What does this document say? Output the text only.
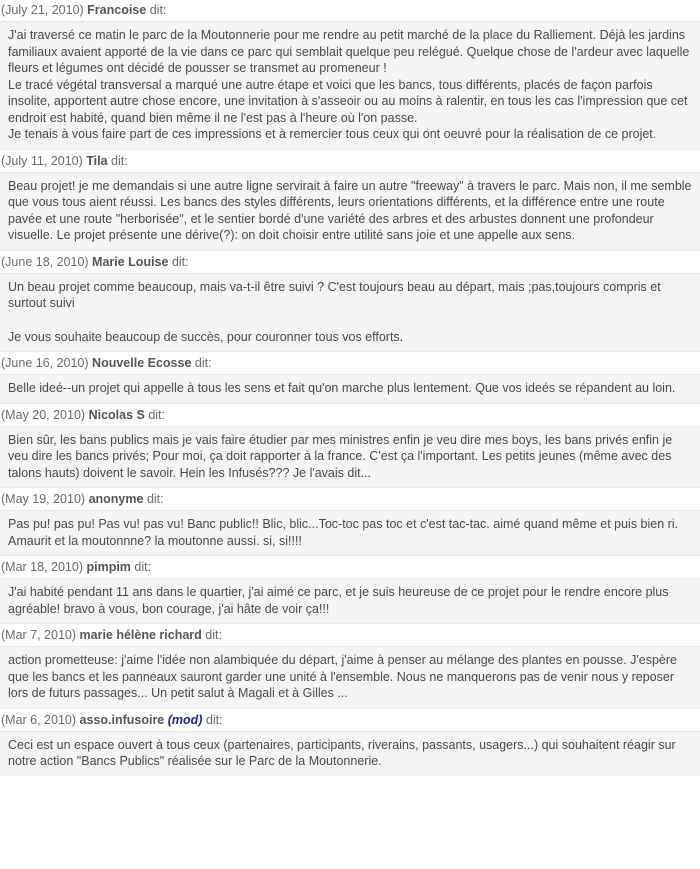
(July 21, 2010) Francoise dit:

J'ai traversé ce matin le parc de la Moutonnerie pour me rendre au petit marché de la place du Ralliement. Déjà les jardins familiaux avaient apporté de la vie dans ce parc qui semblait quelque peu relégué. Quelque chose de l'ardeur avec laquelle fleurs et légumes ont décidé de pousser se transmet au promeneur !

Le tracé végétal transversal a marqué une autre étape et voici que les bancs, tous différents, placés de façon parfois insolite, apportent autre chose encore, une invitation à s'asseoir ou au moins à ralentir, en tous les cas l'impression que cet endroit est habité, quand bien même il ne l'est pas à l'heure où l'on passe.

Je tenais à vous faire part de ces impressions et à remercier tous ceux qui ont oeuvré pour la réalisation de ce projet.

(July 11, 2010) Tila dit:

Beau projet! je me demandais si une autre ligne servirait à faire un autre "freeway" à travers le parc. Mais non, il me semble que vous tous aient réussi. Les bancs des styles différents, leurs orientations différents, et la différence entre une route pavée et une route "herborisée", et le sentier bordé d'une variété des arbres et des arbustes donnent une profondeur visuelle. Le projet présente une dérive(?): on doit choisir entre utilité sans joie et une appelle aux sens.

(June 18, 2010) Marie Louise dit:

Un beau projet comme beaucoup, mais va-t-il être suivi ? C'est toujours beau au départ, mais ;pas,toujours compris et surtout suivi

Je vous souhaite beaucoup de succès, pour couronner tous vos efforts.

(June 16, 2010) Nouvelle Ecosse dit:

Belle ideé--un projet qui appelle à tous les sens et fait qu'on marche plus lentement. Que vos ideés se répandent au loin.

(May 20, 2010) Nicolas S dit:

Bien sûr, les bans publics mais je vais faire étudier par mes ministres enfin je veu dire mes boys, les bans privés enfin je veu dire les bancs privés; Pour moi, ça doit rapporter à la france. C'est ça l'important. Les petits jeunes (même avec des talons hauts) doivent le savoir. Hein les Infusés??? Je l'avais dit...

(May 19, 2010) anonyme dit:

Pas pu! pas pu! Pas vu! pas vu! Banc public!! Blic, blic...Toc-toc pas toc et c'est tac-tac. aimé quand même et puis bien ri. Amaurit et la moutonnne? la moutonne aussi. si, si!!!!

(Mar 18, 2010) pimpim dit:

J'ai habité pendant 11 ans dans le quartier, j'ai aimé ce parc, et je suis heureuse de ce projet pour le rendre encore plus agréable! bravo à vous, bon courage, j'ai hâte de voir ça!!!

(Mar 7, 2010) marie hélène richard dit:

action prometteuse: j'aime l'idée non alambiquée du départ, j'aime à penser au mélange des plantes en pousse. J'espère que les bancs et les panneaux sauront garder une unité à l'ensemble. Nous ne manquerons pas de venir nous y reposer lors de futurs passages... Un petit salut à Magali et à Gilles ...

(Mar 6, 2010) asso.infusoire (mod) dit:

Ceci est un espace ouvert à tous ceux (partenaires, participants, riverains, passants, usagers...) qui souhaitent réagir sur notre action "Bancs Publics" réalisée sur le Parc de la Moutonnerie.
